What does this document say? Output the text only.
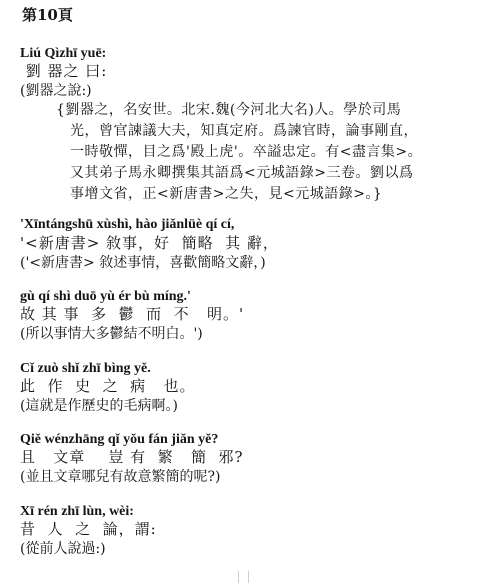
第10頁
Liú Qìzhī yuē:
劉 器之 曰:
(劉器之說:)
{劉器之，名安世。北宋.魏(今河北大名)人。學於司馬
光，曾官諫議大夫，知真定府。爲諫官時，論事剛直，
一時敬憚，目之爲'殿上虎'。卒謚忠定。有<盡言集>。
又其弟子馬永卿撰集其語爲<元城語錄>三卷。劉以爲
事增文省，正<新唐書>之失，見<元城語錄>。}
'Xīntángshū xùshì, hào jiǎnlüè qí cí,
'<新唐書> 敘事，好  簡略  其 辭，
('<新唐書> 敘述事情，喜歡簡略文辭，)
gù qí shì duō yù ér bù míng.'
故 其 事  多  鬱  而  不   明。'
(所以事情大多鬱結不明白。')
Cǐ zuò shǐ zhī bìng yě.
此  作  史  之  病   也。
(這就是作歷史的毛病啊。)
Qiě wénzhāng qǐ yǒu fán jiǎn yě?
且   文章    豈 有  繁   簡  邪?
(並且文章哪兒有故意繁簡的呢?)
Xī rén zhī lùn, wèi:
昔  人  之  論，謂:
(從前人說過:)
